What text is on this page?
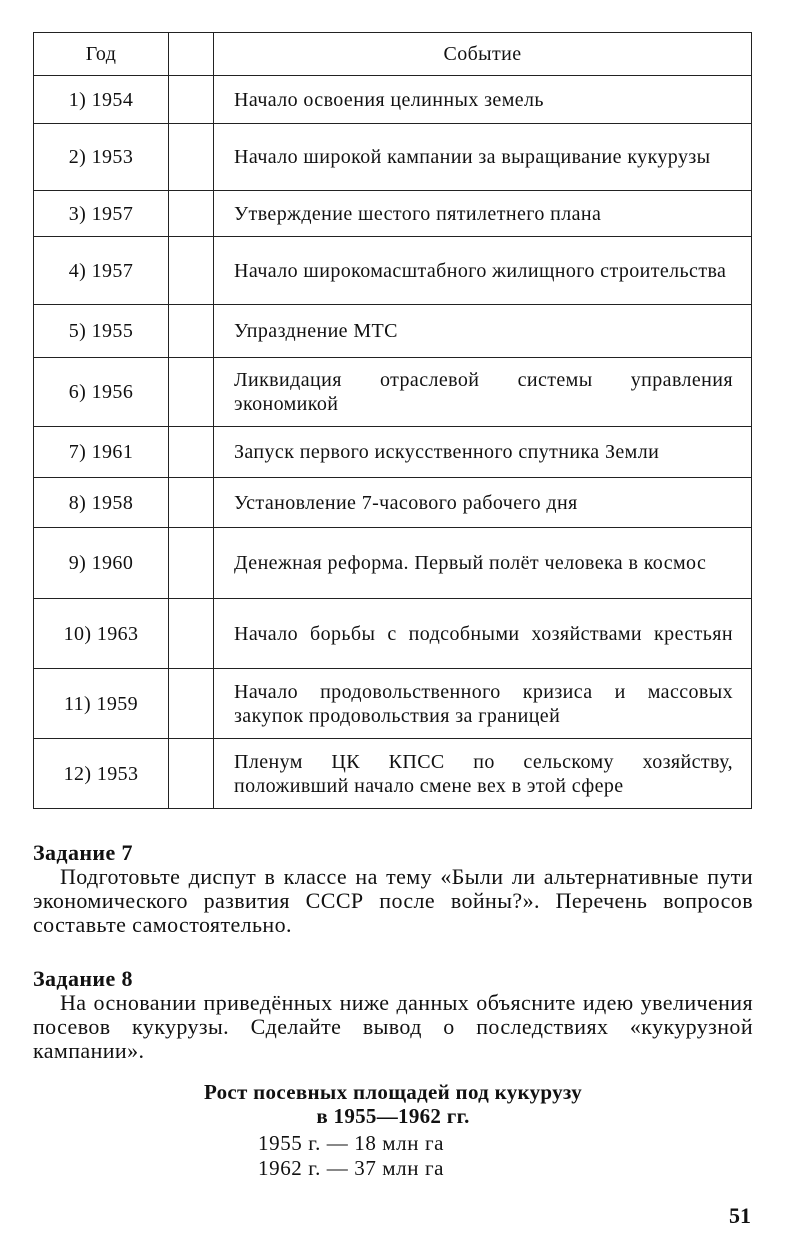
Год		Событие
1) 1954		Начало освоения целинных земель
2) 1953		Начало широкой кампании за выращивание кукурузы
3) 1957		Утверждение шестого пятилетнего плана
4) 1957		Начало широкомасштабного жилищного строительства
5) 1955		Упразднение МТС
6) 1956		Ликвидация отраслевой системы управления экономикой
7) 1961		Запуск первого искусственного спутника Земли
8) 1958		Установление 7-часового рабочего дня
9) 1960		Денежная реформа. Первый полёт человека в космос
10) 1963		Начало борьбы с подсобными хозяйствами крестьян
11) 1959		Начало продовольственного кризиса и массовых закупок продовольствия за границей
12) 1953		Пленум ЦК КПСС по сельскому хозяйству, положивший начало смене вех в этой сфере

Задание 7

Подготовьте диспут в классе на тему «Были ли альтернативные пути экономического развития СССР после войны?». Перечень вопросов составьте самостоятельно.

Задание 8

На основании приведённых ниже данных объясните идею увеличения посевов кукурузы. Сделайте вывод о последствиях «кукурузной кампании».

Рост посевных площадей под кукурузу
в 1955—1962 гг.
1955 г. — 18 млн га
1962 г. — 37 млн га
51
